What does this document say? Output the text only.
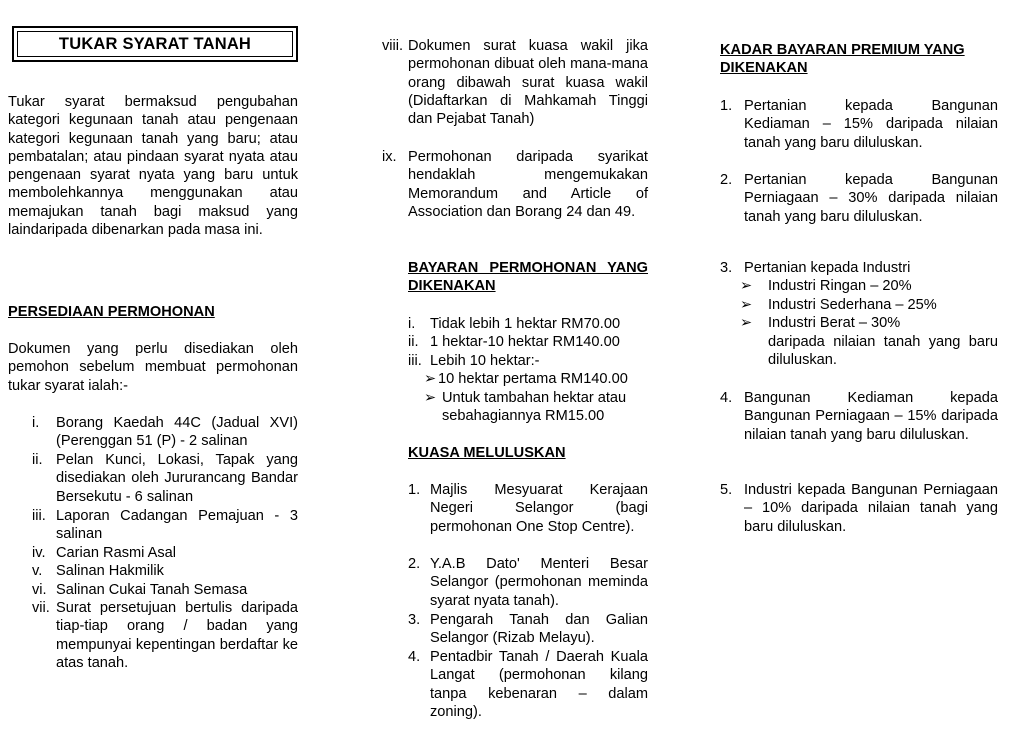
TUKAR SYARAT TANAH
Tukar syarat bermaksud pengubahan kategori kegunaan tanah atau pengenaan kategori kegunaan tanah yang baru; atau pembatalan; atau pindaan syarat nyata atau pengenaan syarat nyata yang baru untuk membolehkannya menggunakan atau memajukan tanah bagi maksud yang laindaripada dibenarkan pada masa ini.
PERSEDIAAN PERMOHONAN
Dokumen yang perlu disediakan oleh pemohon sebelum membuat permohonan tukar syarat ialah:-
i. Borang Kaedah 44C (Jadual XVI) (Perenggan 51 (P) - 2 salinan
ii. Pelan Kunci, Lokasi, Tapak yang disediakan oleh Jururancang Bandar Bersekutu - 6 salinan
iii. Laporan Cadangan Pemajuan - 3 salinan
iv. Carian Rasmi Asal
v. Salinan Hakmilik
vi. Salinan Cukai Tanah Semasa
vii. Surat persetujuan bertulis daripada tiap-tiap orang / badan yang mempunyai kepentingan berdaftar ke atas tanah.
viii. Dokumen surat kuasa wakil jika permohonan dibuat oleh mana-mana orang dibawah surat kuasa wakil (Didaftarkan di Mahkamah Tinggi dan Pejabat Tanah)
ix. Permohonan daripada syarikat hendaklah mengemukakan Memorandum and Article of Association dan Borang 24 dan 49.
BAYARAN PERMOHONAN YANG DIKENAKAN
i. Tidak lebih 1 hektar RM70.00
ii. 1 hektar-10 hektar RM140.00
iii. Lebih 10 hektar:-
➢ 10 hektar pertama RM140.00
➢ Untuk tambahan hektar atau sebahagiannya RM15.00
KUASA MELULUSKAN
1. Majlis Mesyuarat Kerajaan Negeri Selangor (bagi permohonan One Stop Centre).
2. Y.A.B Dato' Menteri Besar Selangor (permohonan meminda syarat nyata tanah).
3. Pengarah Tanah dan Galian Selangor (Rizab Melayu).
4. Pentadbir Tanah / Daerah Kuala Langat (permohonan kilang tanpa kebenaran – dalam zoning).
KADAR BAYARAN PREMIUM YANG DIKENAKAN
1. Pertanian kepada Bangunan Kediaman – 15% daripada nilaian tanah yang baru diluluskan.
2. Pertanian kepada Bangunan Perniagaan – 30% daripada nilaian tanah yang baru diluluskan.
3. Pertanian kepada Industri
➢ Industri Ringan – 20%
➢ Industri Sederhana – 25%
➢ Industri Berat – 30%
daripada nilaian tanah yang baru diluluskan.
4. Bangunan Kediaman kepada Bangunan Perniagaan – 15% daripada nilaian tanah yang baru diluluskan.
5. Industri kepada Bangunan Perniagaan – 10% daripada nilaian tanah yang baru diluluskan.
